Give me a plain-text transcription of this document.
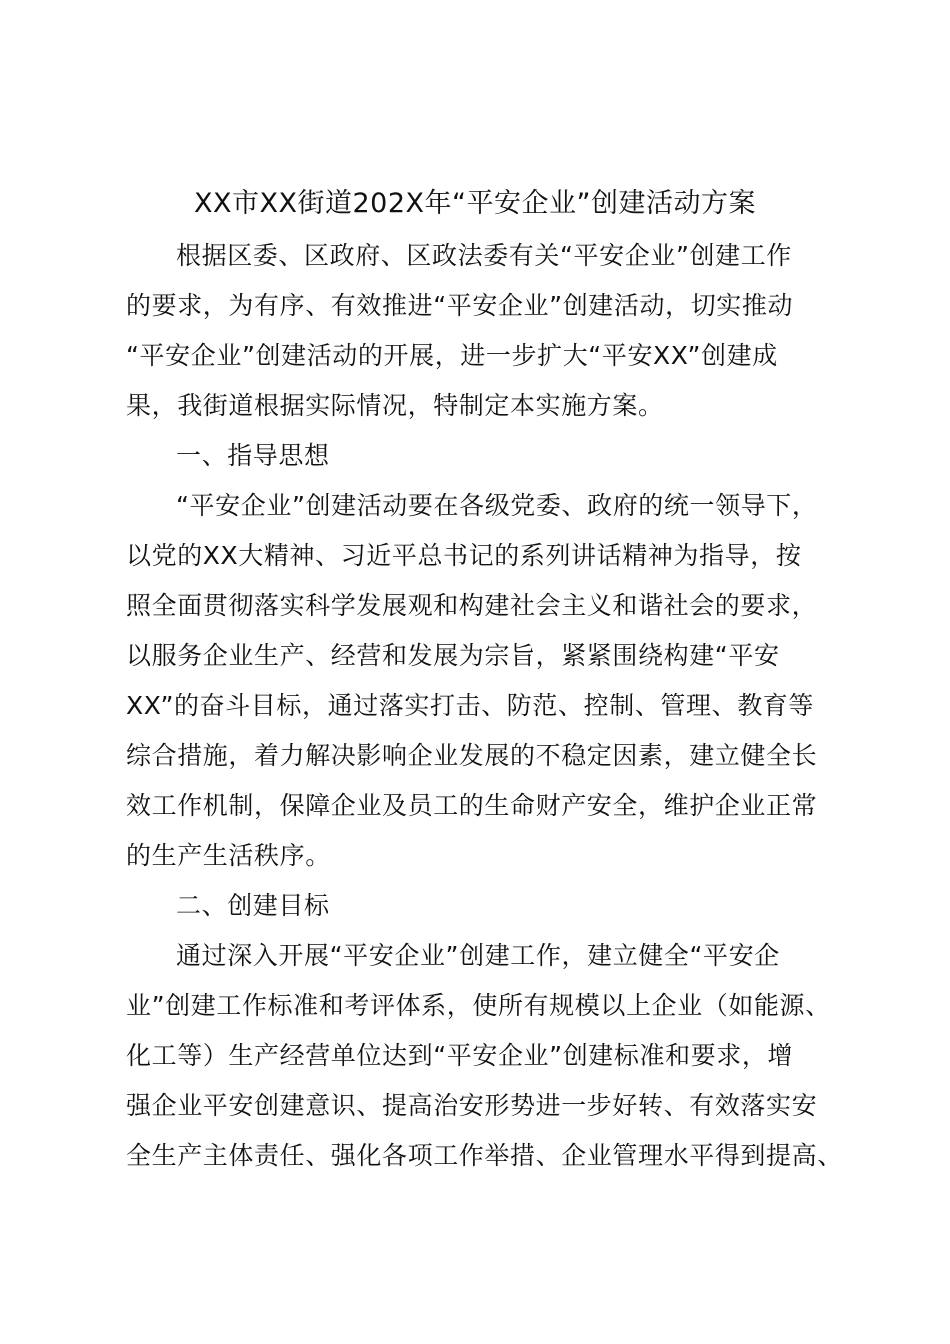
XX市XX街道202X年“平安企业”创建活动方案
根据区委、区政府、区政法委有关“平安企业”创建工作
的要求，为有序、有效推进“平安企业”创建活动，切实推动
“平安企业”创建活动的开展，进一步扩大“平安XX”创建成
果，我街道根据实际情况，特制定本实施方案。
一、指导思想
“平安企业”创建活动要在各级党委、政府的统一领导下，
以党的XX大精神、习近平总书记的系列讲话精神为指导，按
照全面贯彻落实科学发展观和构建社会主义和谐社会的要求，
以服务企业生产、经营和发展为宗旨，紧紧围绕构建“平安
XX”的奋斗目标，通过落实打击、防范、控制、管理、教育等
综合措施，着力解决影响企业发展的不稳定因素，建立健全长
效工作机制，保障企业及员工的生命财产安全，维护企业正常
的生产生活秩序。
二、创建目标
通过深入开展“平安企业”创建工作，建立健全“平安企
业”创建工作标准和考评体系，使所有规模以上企业（如能源、
化工等）生产经营单位达到“平安企业”创建标准和要求，增
强企业平安创建意识、提高治安形势进一步好转、有效落实安
全生产主体责任、强化各项工作举措、企业管理水平得到提高、
